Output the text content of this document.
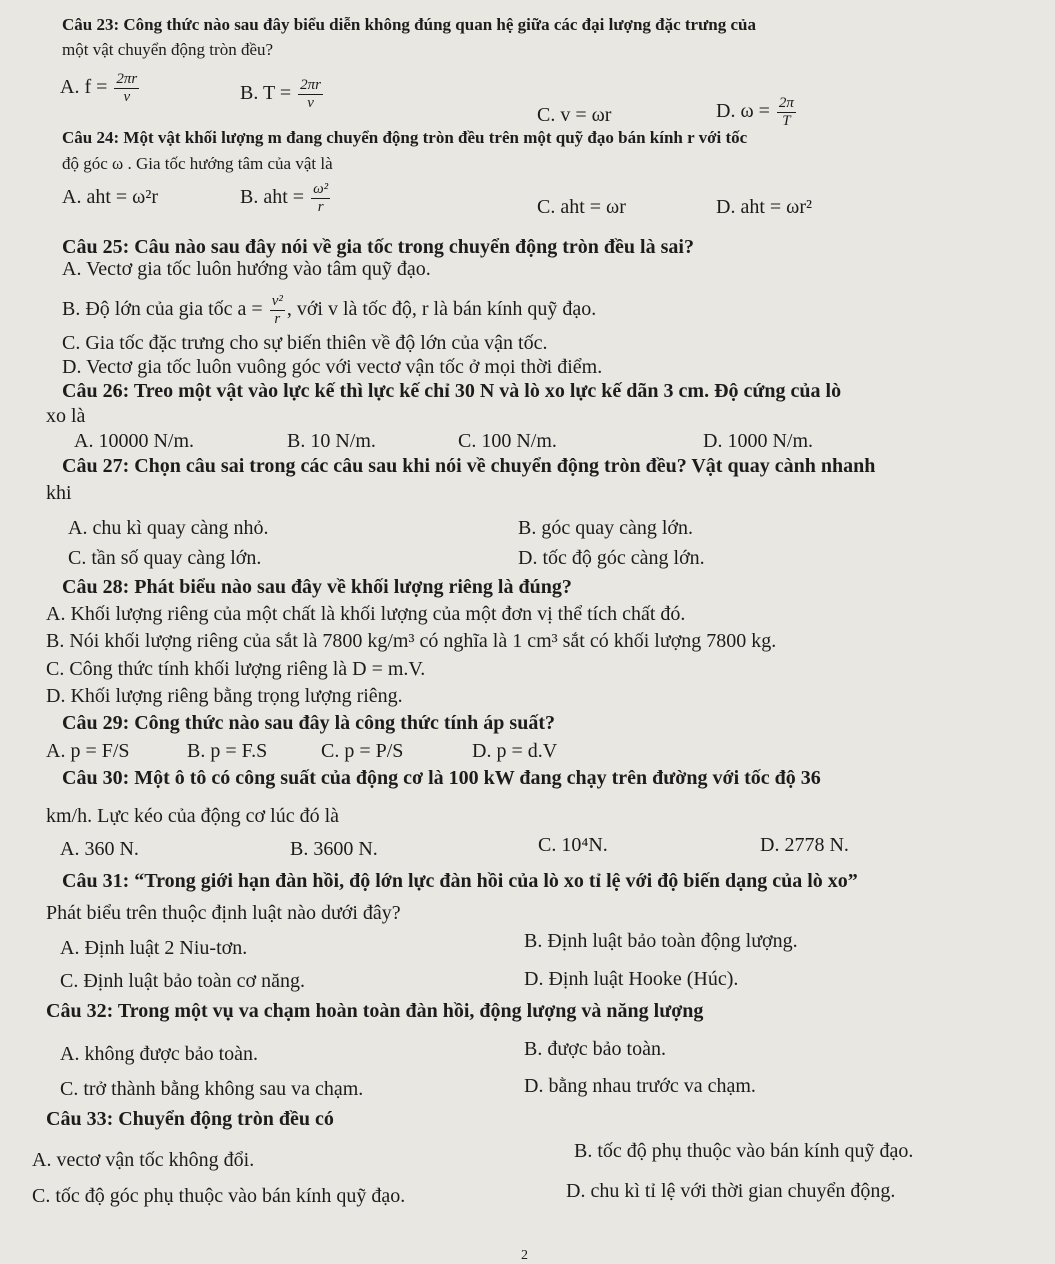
Câu 23: Công thức nào sau đây biểu diễn không đúng quan hệ giữa các đại lượng đặc trưng của
một vật chuyển động tròn đều?
A. $f = \frac{2\pi r}{v}$	B. $T = \frac{2\pi r}{v}$
C. v = ωr	D. $\omega = \frac{2\pi}{T}$
Câu 24: Một vật khối lượng m đang chuyển động tròn đều trên một quỹ đạo bán kính r với tốc
độ góc ω . Gia tốc hướng tâm của vật là
A. aht = ω²r	B. aht = $\frac{\text{ω²}}{r}$	C. aht = ωr	D. aht = ωr²
Câu 25: Câu nào sau đây nói về gia tốc trong chuyển động tròn đều là sai?
A. Vectơ gia tốc luôn hướng vào tâm quỹ đạo.
B. Độ lớn của gia tốc $a = \frac{\text{v²}}{r}$ , với v là tốc độ, r là bán kính quỹ đạo.
C. Gia tốc đặc trưng cho sự biến thiên về độ lớn của vận tốc.
D. Vectơ gia tốc luôn vuông góc với vectơ vận tốc ở mọi thời điểm.
Câu 26: Treo một vật vào lực kế thì lực kế chỉ 30 N và lò xo lực kế dãn 3 cm. Độ cứng của lò
xo là
A. 10000 N/m.	B. 10 N/m.	C. 100 N/m.	D. 1000 N/m.
Câu 27: Chọn câu sai trong các câu sau khi nói về chuyển động tròn đều? Vật quay cành nhanh
khi
A. chu kì quay càng nhỏ.	B. góc quay càng lớn.
C. tần số quay càng lớn.	D. tốc độ góc càng lớn.
Câu 28: Phát biểu nào sau đây về khối lượng riêng là đúng?
A. Khối lượng riêng của một chất là khối lượng của một đơn vị thể tích chất đó.
B. Nói khối lượng riêng của sắt là 7800 kg/m³ có nghĩa là 1 cm³ sắt có khối lượng 7800 kg.
C. Công thức tính khối lượng riêng là D = m.V.
D. Khối lượng riêng bằng trọng lượng riêng.
Câu 29: Công thức nào sau đây là công thức tính áp suất?
A. p = F/S	B. p = F.S	C. p = P/S	D. p = d.V
Câu 30: Một ô tô có công suất của động cơ là 100 kW đang chạy trên đường với tốc độ 36
km/h. Lực kéo của động cơ lúc đó là
A. 360 N.	B. 3600 N.	C. 10⁴N.	D. 2778 N.
Câu 31: “Trong giới hạn đàn hồi, độ lớn lực đàn hồi của lò xo tỉ lệ với độ biến dạng của lò xo”
Phát biểu trên thuộc định luật nào dưới đây?
A. Định luật 2 Niu-tơn.	B. Định luật bảo toàn động lượng.
C. Định luật bảo toàn cơ năng.	D. Định luật Hooke (Húc).
Câu 32: Trong một vụ va chạm hoàn toàn đàn hồi, động lượng và năng lượng
A. không được bảo toàn.	B. được bảo toàn.
C. trở thành bằng không sau va chạm.	D. bằng nhau trước va chạm.
Câu 33: Chuyển động tròn đều có
A. vectơ vận tốc không đổi.	B. tốc độ phụ thuộc vào bán kính quỹ đạo.
C. tốc độ góc phụ thuộc vào bán kính quỹ đạo.	D. chu kì tỉ lệ với thời gian chuyển động.
2
